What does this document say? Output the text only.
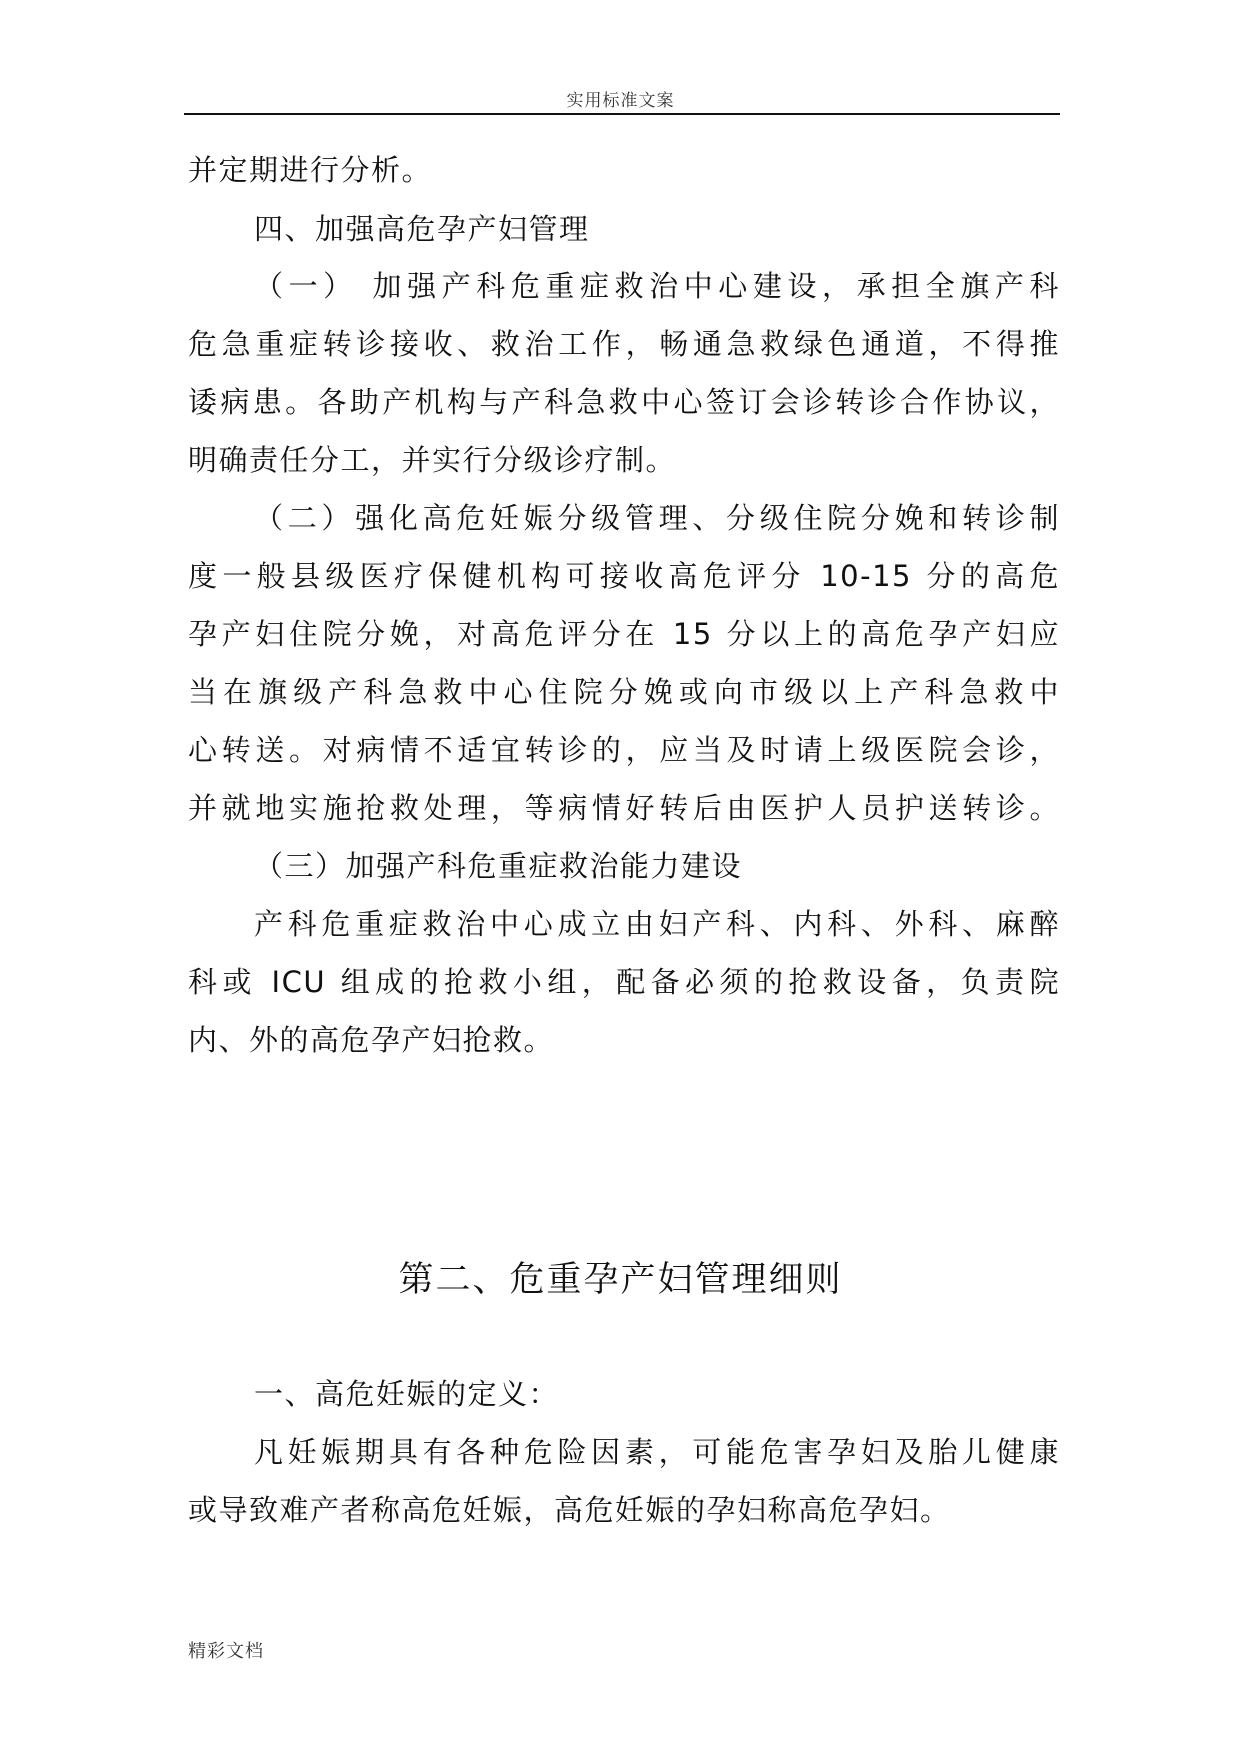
实用标准文案
并定期进行分析。
四、加强高危孕产妇管理
（一） 加强产科危重症救治中心建设，承担全旗产科
危急重症转诊接收、救治工作，畅通急救绿色通道，不得推
诿病患。各助产机构与产科急救中心签订会诊转诊合作协议，
明确责任分工，并实行分级诊疗制。
（二）强化高危妊娠分级管理、分级住院分娩和转诊制
度一般县级医疗保健机构可接收高危评分 10-15 分的高危
孕产妇住院分娩，对高危评分在 15 分以上的高危孕产妇应
当在旗级产科急救中心住院分娩或向市级以上产科急救中
心转送。对病情不适宜转诊的，应当及时请上级医院会诊，
并就地实施抢救处理，等病情好转后由医护人员护送转诊。
（三）加强产科危重症救治能力建设
产科危重症救治中心成立由妇产科、内科、外科、麻醉
科或 ICU 组成的抢救小组，配备必须的抢救设备，负责院
内、外的高危孕产妇抢救。
第二、危重孕产妇管理细则
一、高危妊娠的定义：
凡妊娠期具有各种危险因素，可能危害孕妇及胎儿健康
或导致难产者称高危妊娠，高危妊娠的孕妇称高危孕妇。
精彩文档
